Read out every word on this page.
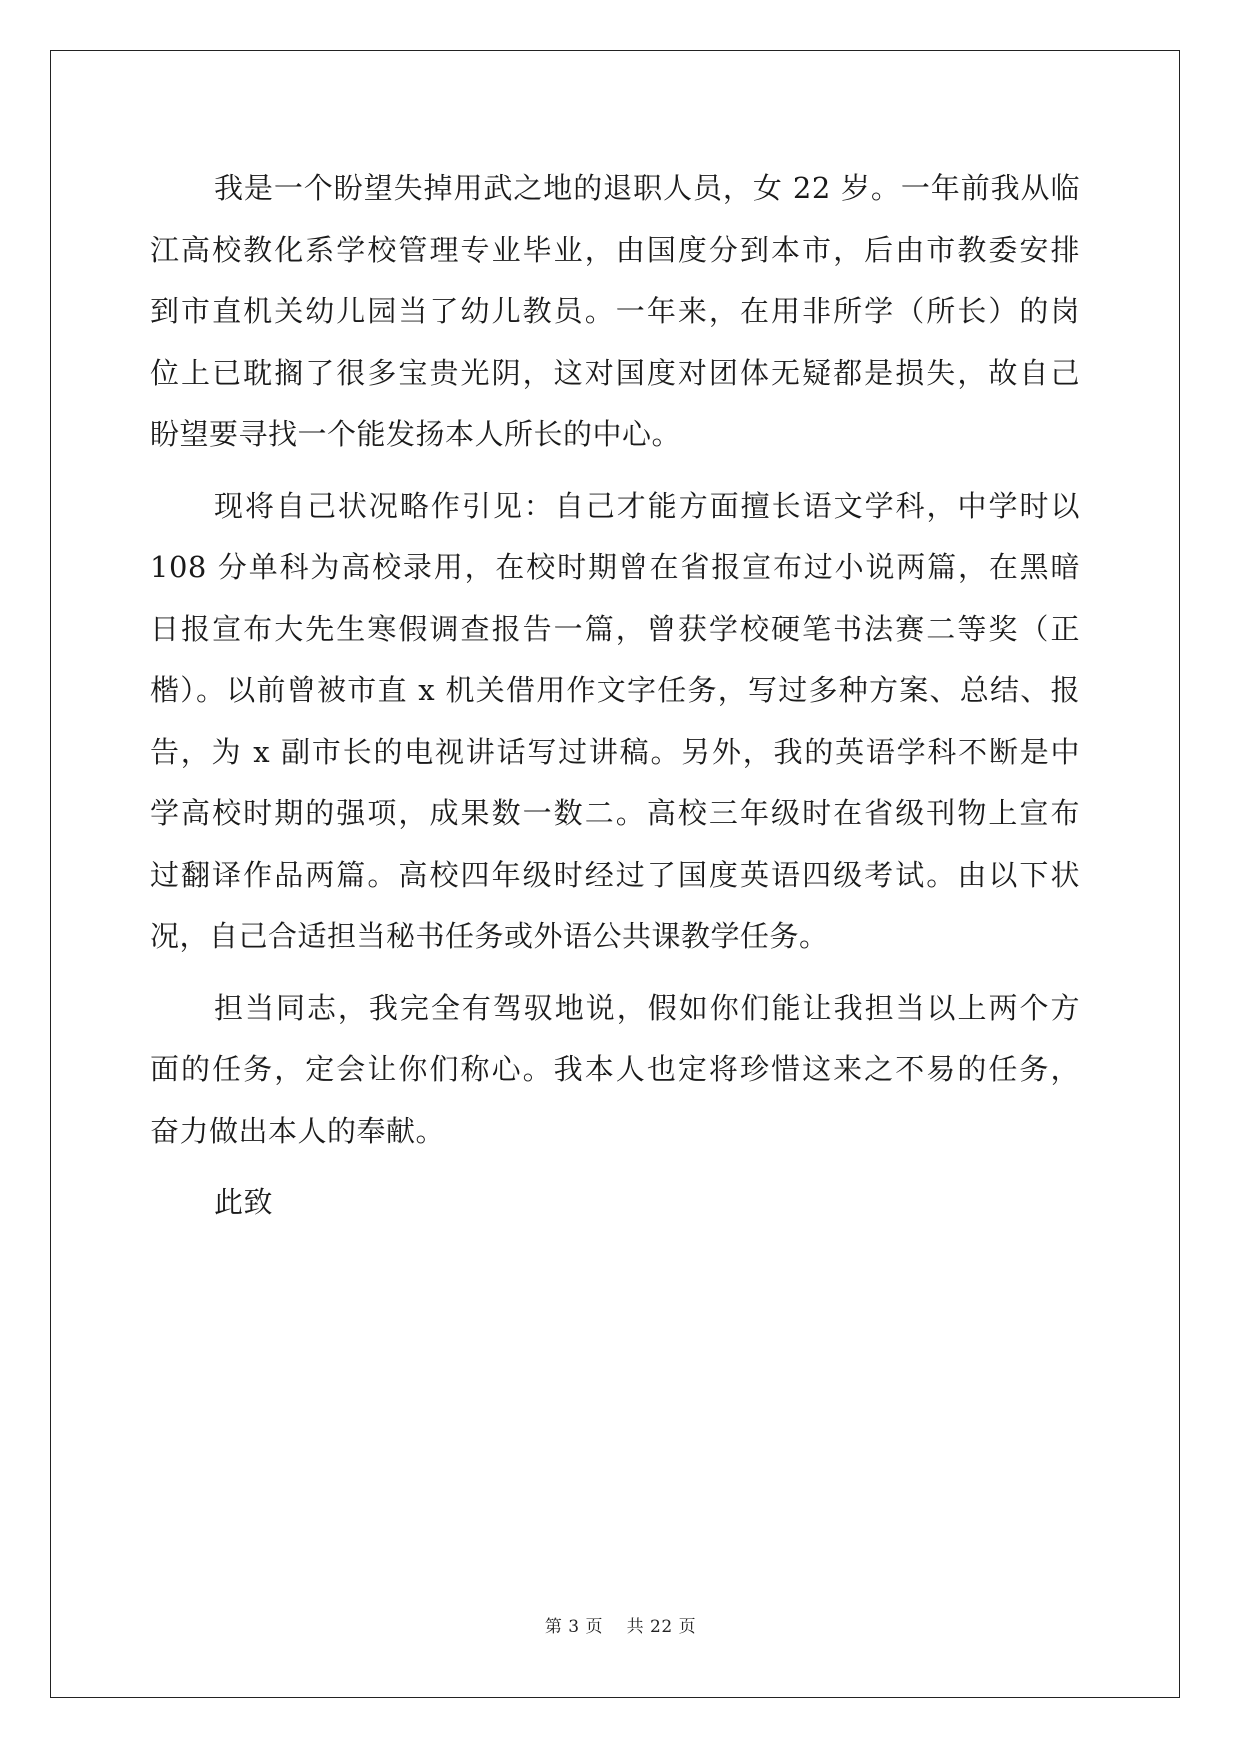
我是一个盼望失掉用武之地的退职人员，女 22 岁。一年前我从临
江高校教化系学校管理专业毕业，由国度分到本市，后由市教委安排
到市直机关幼儿园当了幼儿教员。一年来，在用非所学（所长）的岗
位上已耽搁了很多宝贵光阴，这对国度对团体无疑都是损失，故自己
盼望要寻找一个能发扬本人所长的中心。
现将自己状况略作引见：自己才能方面擅长语文学科，中学时以
108 分单科为高校录用，在校时期曾在省报宣布过小说两篇，在黑暗
日报宣布大先生寒假调查报告一篇，曾获学校硬笔书法赛二等奖（正
楷）。以前曾被市直 x 机关借用作文字任务，写过多种方案、总结、报
告，为 x 副市长的电视讲话写过讲稿。另外，我的英语学科不断是中
学高校时期的强项，成果数一数二。高校三年级时在省级刊物上宣布
过翻译作品两篇。高校四年级时经过了国度英语四级考试。由以下状
况，自己合适担当秘书任务或外语公共课教学任务。
担当同志，我完全有驾驭地说，假如你们能让我担当以上两个方
面的任务，定会让你们称心。我本人也定将珍惜这来之不易的任务，
奋力做出本人的奉献。
此致
第 3 页 共 22 页
